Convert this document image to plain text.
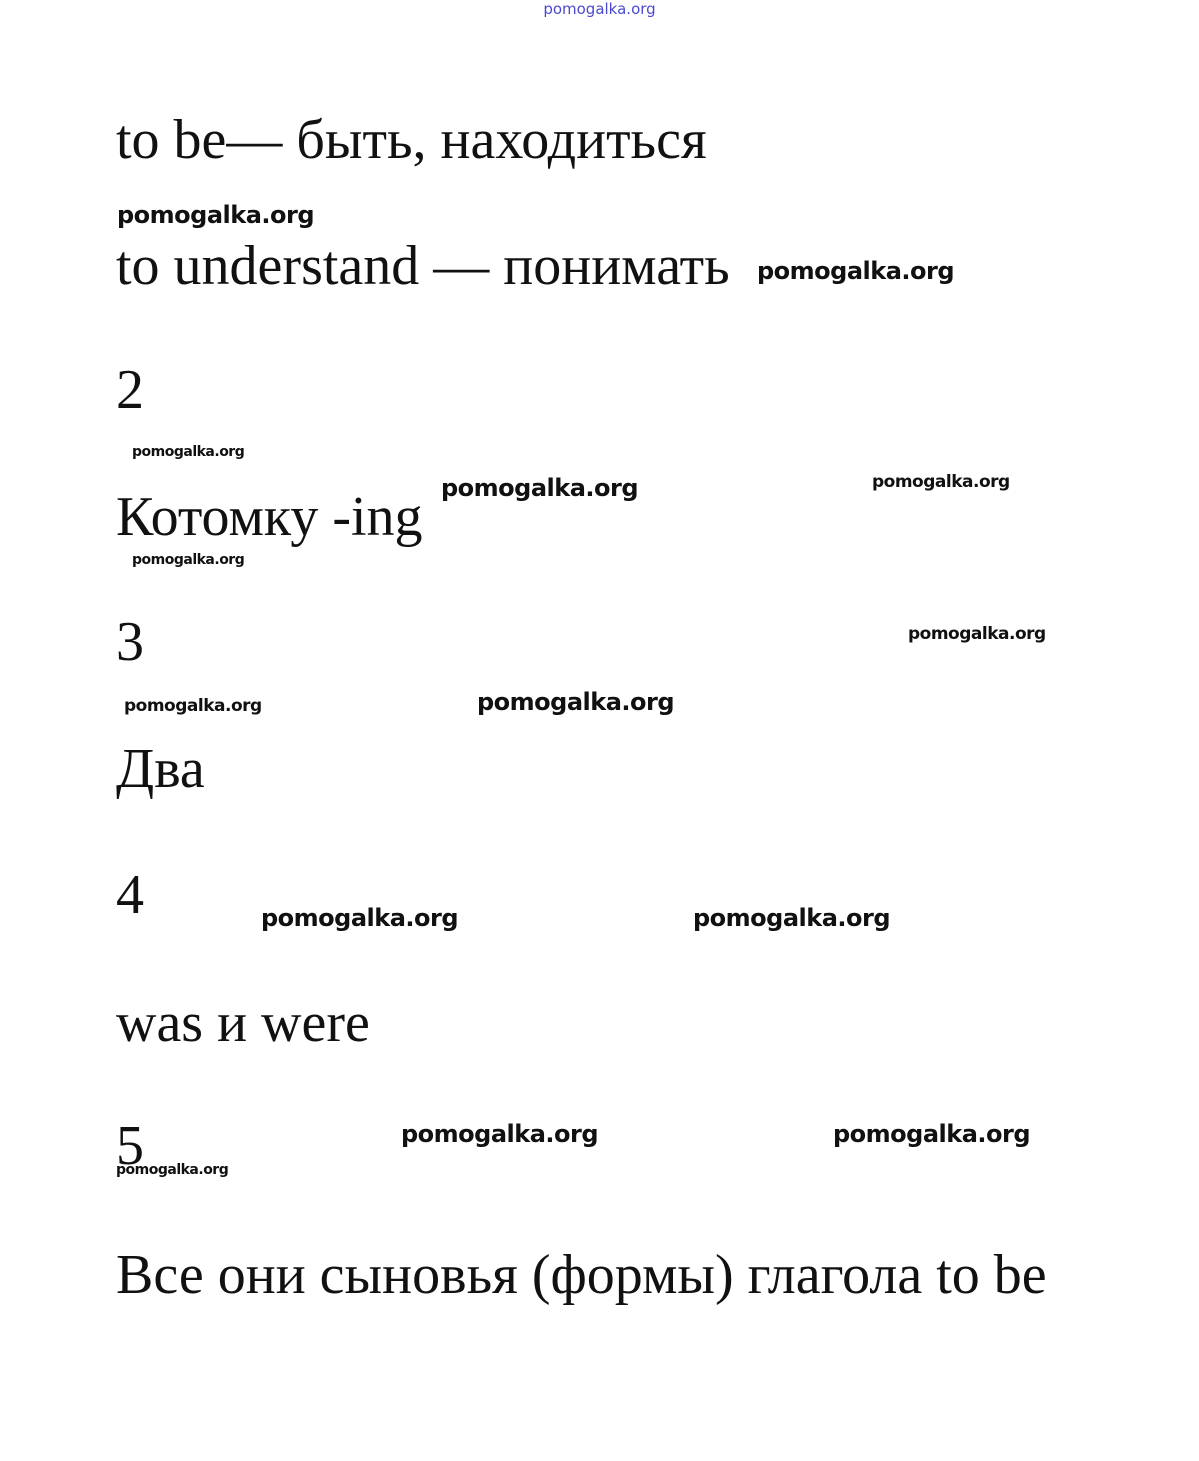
pomogalka.org
to be— быть, находиться
pomogalka.org
to understand — понимать pomogalka.org
2
pomogalka.org
pomogalka.org	pomogalka.org
Котомку -ing
pomogalka.org
3	pomogalka.org
pomogalka.org	pomogalka.org
Два
4	pomogalka.org	pomogalka.org
was и were
5	pomogalka.org	pomogalka.org
pomogalka.org
Все они сыновья (формы) глагола to be
